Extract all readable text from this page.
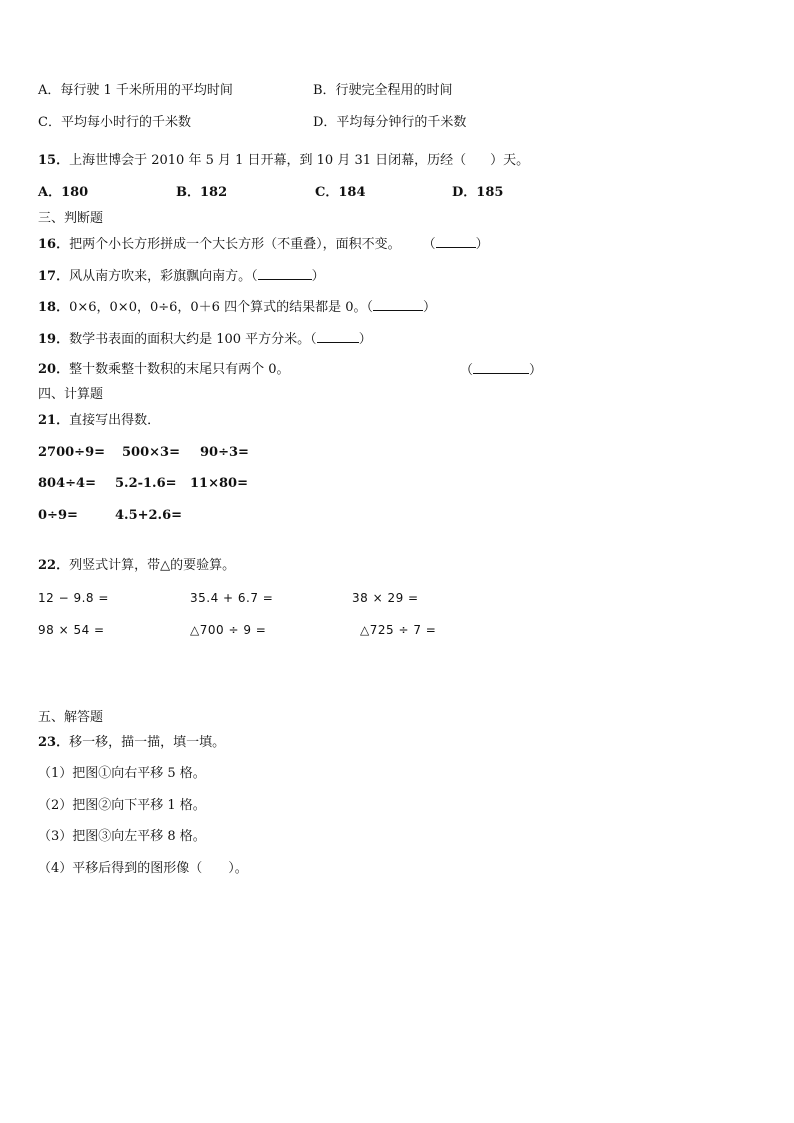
A．每行驶 1 千米所用的平均时间	B．行驶完全程用的时间
C．平均每小时行的千米数	D．平均每分钟行的千米数
15．上海世博会于 2010 年 5 月 1 日开幕，到 10 月 31 日闭幕，历经（ ）天。
A．180	B．182	C．184	D．185
三、判断题
16．把两个小长方形拼成一个大长方形（不重叠），面积不变。 （	）
17．风从南方吹来，彩旗飘向南方。（	）
18．0×6，0×0，0÷6，0＋6 四个算式的结果都是 0。（	）
19．数学书表面的面积大约是 100 平方分米。（	）
20．整十数乘整十数积的末尾只有两个 0。	（	）
四、计算题
21．直接写出得数．
2700÷9= 500×3= 90÷3=
804÷4= 5.2-1.6= 11×80=
0÷9=	4.5+2.6=
22．列竖式计算，带△的要验算。
12 − 9.8 =	35.4 + 6.7 =	38 × 29 =
98 × 54 =	△700 ÷ 9 =	△725 ÷ 7 =
五、解答题
23．移一移，描一描，填一填。
（1）把图①向右平移 5 格。
（2）把图②向下平移 1 格。
（3）把图③向左平移 8 格。
（4）平移后得到的图形像（　　）。
